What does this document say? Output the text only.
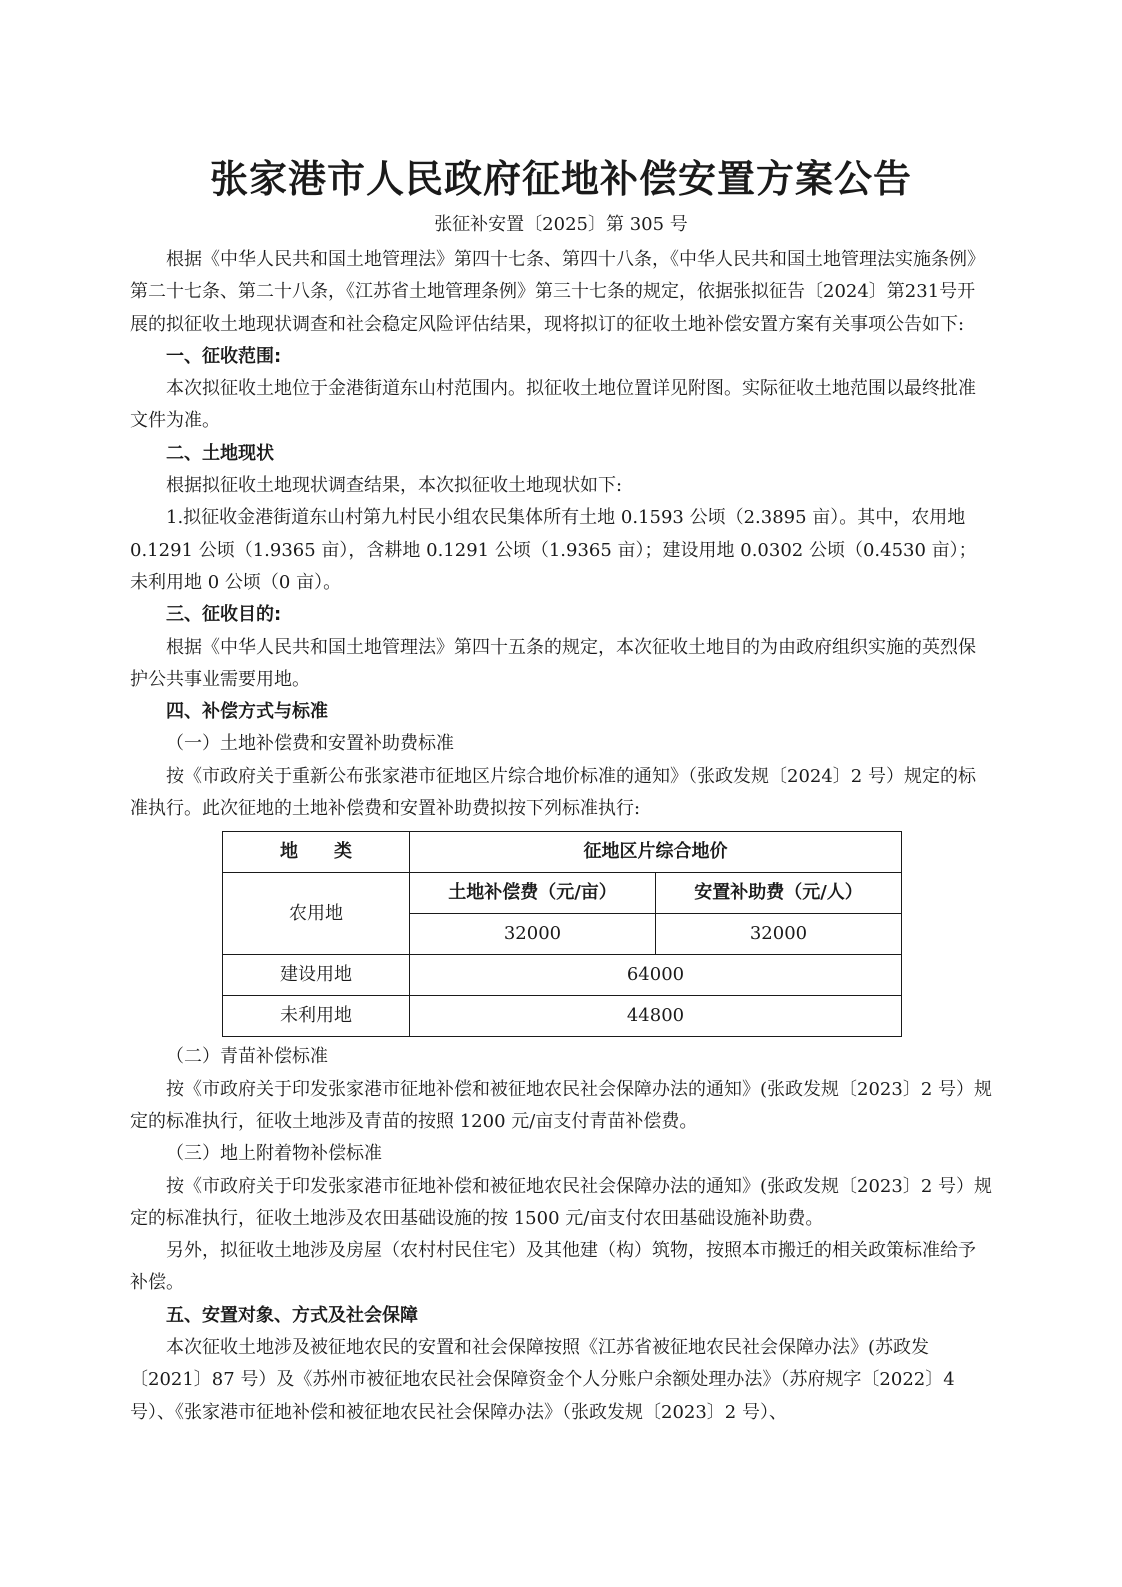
张家港市人民政府征地补偿安置方案公告
张征补安置〔2025〕第 305 号

根据《中华人民共和国土地管理法》第四十七条、第四十八条，《中华人民共和国土地管理法实施条例》第二十七条、第二十八条，《江苏省土地管理条例》第三十七条的规定，依据张拟征告〔2024〕第231号开展的拟征收土地现状调查和社会稳定风险评估结果，现将拟订的征收土地补偿安置方案有关事项公告如下:

一、征收范围:

本次拟征收土地位于金港街道东山村范围内。拟征收土地位置详见附图。实际征收土地范围以最终批准文件为准。

二、土地现状

根据拟征收土地现状调查结果，本次拟征收土地现状如下:

1.拟征收金港街道东山村第九村民小组农民集体所有土地 0.1593 公顷（2.3895 亩）。其中，农用地 0.1291 公顷（1.9365 亩），含耕地 0.1291 公顷（1.9365 亩）；建设用地 0.0302 公顷（0.4530 亩）；未利用地 0 公顷（0 亩）。

三、征收目的:

根据《中华人民共和国土地管理法》第四十五条的规定，本次征收土地目的为由政府组织实施的英烈保护公共事业需要用地。

四、补偿方式与标准

（一）土地补偿费和安置补助费标准

按《市政府关于重新公布张家港市征地区片综合地价标准的通知》（张政发规〔2024〕2 号）规定的标准执行。此次征地的土地补偿费和安置补助费拟按下列标准执行:

地　　类	征地区片综合地价	
农用地	土地补偿费（元/亩）	安置补助费（元/人）
	32000	32000
建设用地	64000	
未利用地	44800	

（二）青苗补偿标准

按《市政府关于印发张家港市征地补偿和被征地农民社会保障办法的通知》(张政发规〔2023〕2 号）规定的标准执行，征收土地涉及青苗的按照 1200 元/亩支付青苗补偿费。

（三）地上附着物补偿标准

按《市政府关于印发张家港市征地补偿和被征地农民社会保障办法的通知》(张政发规〔2023〕2 号）规定的标准执行，征收土地涉及农田基础设施的按 1500 元/亩支付农田基础设施补助费。

另外，拟征收土地涉及房屋（农村村民住宅）及其他建（构）筑物，按照本市搬迁的相关政策标准给予补偿。

五、安置对象、方式及社会保障

本次征收土地涉及被征地农民的安置和社会保障按照《江苏省被征地农民社会保障办法》(苏政发〔2021〕87 号）及《苏州市被征地农民社会保障资金个人分账户余额处理办法》（苏府规字〔2022〕4 号）、《张家港市征地补偿和被征地农民社会保障办法》（张政发规〔2023〕2 号）、
